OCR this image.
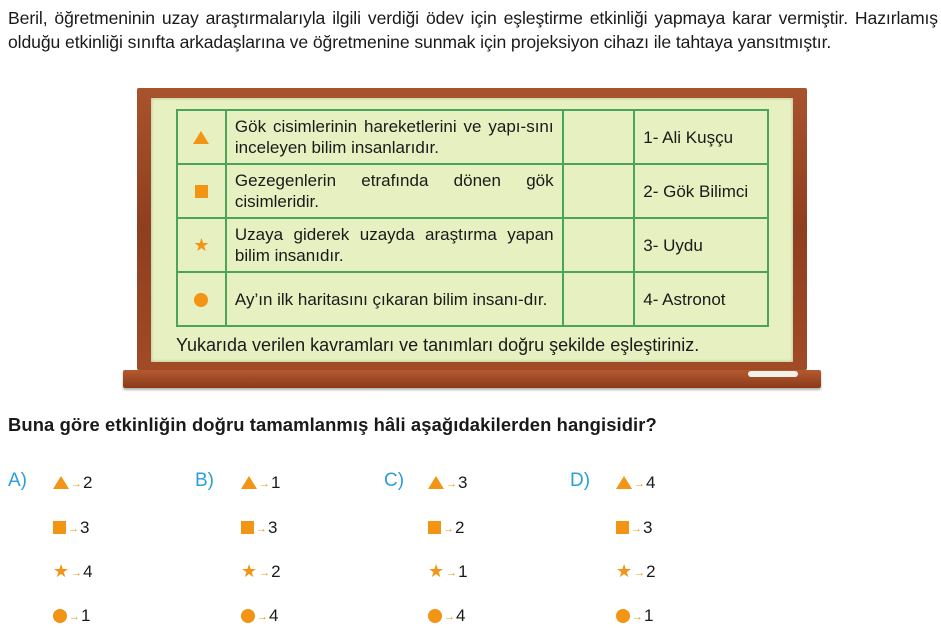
Beril, öğretmeninin uzay araştırmalarıyla ilgili verdiği ödev için eşleştirme etkinliği yapmaya karar vermiştir. Hazırlamış olduğu etkinliği sınıfta arkadaşlarına ve öğretmenine sunmak için projeksiyon cihazı ile tahtaya yansıtmıştır.

	Gök cisimlerinin hareketlerini ve yapı-sını inceleyen bilim insanlarıdır.		1- Ali Kuşçu
	Gezegenlerin etrafında dönen gök cisimleridir.		2- Gök Bilimci
★	Uzaya giderek uzayda araştırma yapan bilim insanıdır.		3- Uydu
	Ay’ın ilk haritasını çıkaran bilim insanı-dır.		4- Astronot

Yukarıda verilen kavramları ve tanımları doğru şekilde eşleştiriniz.

Buna göre etkinliğin doğru tamamlanmış hâli aşağıdakilerden hangisidir?

A)	→2
→3
★ →4
→1
B)	→1
→3
★ →2
→4
C)	→3
→2
★ →1
→4
D)	→4
→3
★ →2
→1
